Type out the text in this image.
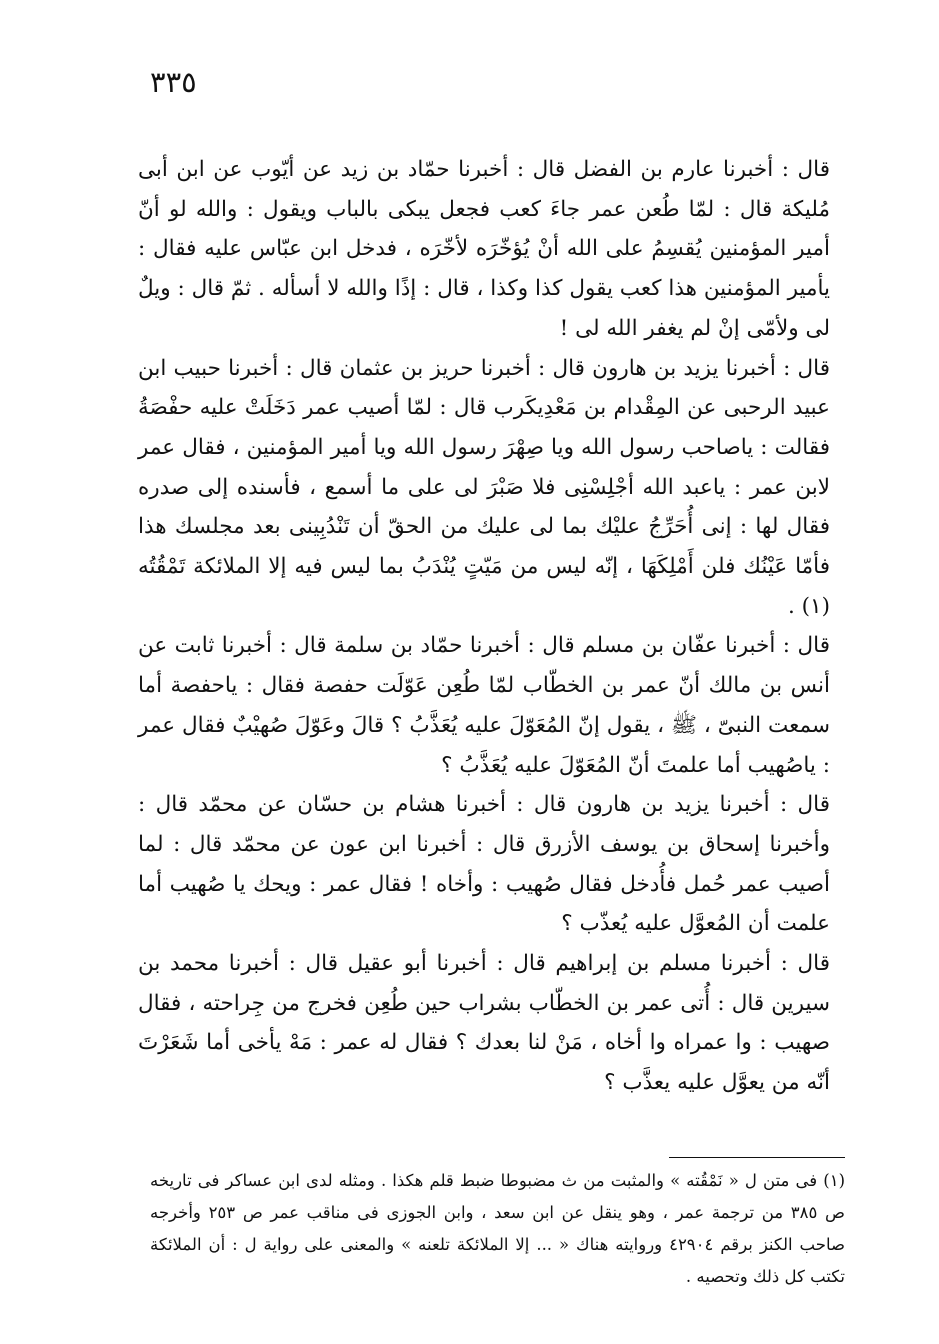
٣٣٥

قال : أخبرنا عارم بن الفضل قال : أخبرنا حمّاد بن زيد عن أيّوب عن ابن أبى مُليكة قال : لمّا طُعن عمر جاءَ كعب فجعل يبكى بالباب ويقول : والله لو أنّ أمير المؤمنين يُقسِمُ على الله أنْ يُؤخّرَه لأخّرَه ، فدخل ابن عبّاس عليه فقال : يأمير المؤمنين هذا كعب يقول كذا وكذا ، قال : إذًا والله لا أسأله . ثمّ قال : ويلٌ لى ولأمّى إنْ لم يغفر الله لى !

قال : أخبرنا يزيد بن هارون قال : أخبرنا حريز بن عثمان قال : أخبرنا حبيب ابن عبيد الرحبى عن المِقْدام بن مَعْدِيكَرب قال : لمّا أصيب عمر دَخَلَتْ عليه حفْصَةُ فقالت : ياصاحب رسول الله ويا صِهْرَ رسول الله ويا أمير المؤمنين ، فقال عمر لابن عمر : ياعبد الله أجْلِسْنِى فلا صَبْرَ لى على ما أسمع ، فأسنده إلى صدره فقال لها : إنى أُحَرِّجُ عليْك بما لى عليك من الحقّ أن تَنْدُبِينى بعد مجلسك هذا فأمّا عَيْنُك فلن أَمْلِكَهَا ، إنّه ليس من مَيّتٍ يُنْدَبُ بما ليس فيه إلا الملائكة تَمْقُتُه (١) .

قال : أخبرنا عفّان بن مسلم قال : أخبرنا حمّاد بن سلمة قال : أخبرنا ثابت عن أنس بن مالك أنّ عمر بن الخطّاب لمّا طُعِن عَوّلَت حفصة فقال : ياحفصة أما سمعت النبىّ ، ﷺ ، يقول إنّ المُعَوّلَ عليه يُعَذَّبُ ؟ قالَ وعَوّلَ صُهيْبٌ فقال عمر : ياصُهيب أما علمتَ أنّ المُعَوّلَ عليه يُعَذَّبُ ؟

قال : أخبرنا يزيد بن هارون قال : أخبرنا هشام بن حسّان عن محمّد قال : وأخبرنا إسحاق بن يوسف الأزرق قال : أخبرنا ابن عون عن محمّد قال : لما أصيب عمر حُمل فأُدخل فقال صُهيب : وأخاه ! فقال عمر : ويحك يا صُهيب أما علمت أن المُعوَّل عليه يُعذّب ؟

قال : أخبرنا مسلم بن إبراهيم قال : أخبرنا أبو عقيل قال : أخبرنا محمد بن سيرين قال : أُتى عمر بن الخطّاب بشراب حين طُعِن فخرج من جِراحته ، فقال صهيب : وا عمراه وا أخاه ، مَنْ لنا بعدك ؟ فقال له عمر : مَهْ يأخى أما شَعَرْتَ أنّه من يعوَّل عليه يعذَّب ؟

(١) فى متن ل « نَمْقُته » والمثبت من ث مضبوطا ضبط قلم هكذا . ومثله لدى ابن عساكر فى تاريخه ص ٣٨٥ من ترجمة عمر ، وهو ينقل عن ابن سعد ، وابن الجوزى فى مناقب عمر ص ٢٥٣ وأخرجه صاحب الكنز برقم ٤٢٩٠٤ وروايته هناك « ... إلا الملائكة تلعنه » والمعنى على رواية ل : أن الملائكة تكتب كل ذلك وتحصيه .
